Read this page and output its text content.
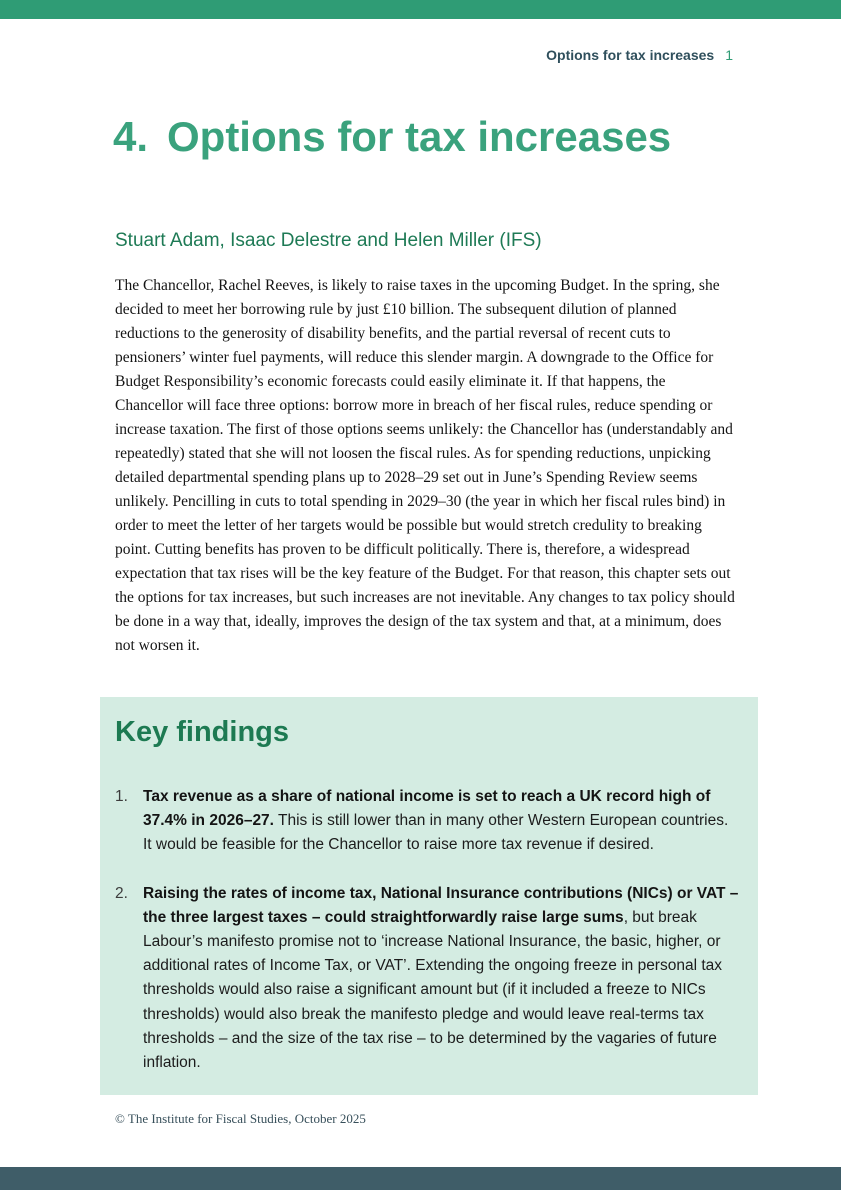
Options for tax increases 1
4. Options for tax increases
Stuart Adam, Isaac Delestre and Helen Miller (IFS)

The Chancellor, Rachel Reeves, is likely to raise taxes in the upcoming Budget. In the spring, she decided to meet her borrowing rule by just £10 billion. The subsequent dilution of planned reductions to the generosity of disability benefits, and the partial reversal of recent cuts to pensioners’ winter fuel payments, will reduce this slender margin. A downgrade to the Office for Budget Responsibility’s economic forecasts could easily eliminate it. If that happens, the Chancellor will face three options: borrow more in breach of her fiscal rules, reduce spending or increase taxation. The first of those options seems unlikely: the Chancellor has (understandably and repeatedly) stated that she will not loosen the fiscal rules. As for spending reductions, unpicking detailed departmental spending plans up to 2028–29 set out in June’s Spending Review seems unlikely. Pencilling in cuts to total spending in 2029–30 (the year in which her fiscal rules bind) in order to meet the letter of her targets would be possible but would stretch credulity to breaking point. Cutting benefits has proven to be difficult politically. There is, therefore, a widespread expectation that tax rises will be the key feature of the Budget. For that reason, this chapter sets out the options for tax increases, but such increases are not inevitable. Any changes to tax policy should be done in a way that, ideally, improves the design of the tax system and that, at a minimum, does not worsen it.

Key findings
1. Tax revenue as a share of national income is set to reach a UK record high of 37.4% in 2026–27. This is still lower than in many other Western European countries. It would be feasible for the Chancellor to raise more tax revenue if desired.
2. Raising the rates of income tax, National Insurance contributions (NICs) or VAT – the three largest taxes – could straightforwardly raise large sums, but break Labour’s manifesto promise not to ‘increase National Insurance, the basic, higher, or additional rates of Income Tax, or VAT’. Extending the ongoing freeze in personal tax thresholds would also raise a significant amount but (if it included a freeze to NICs thresholds) would also break the manifesto pledge and would leave real-terms tax thresholds – and the size of the tax rise – to be determined by the vagaries of future inflation.
© The Institute for Fiscal Studies, October 2025
